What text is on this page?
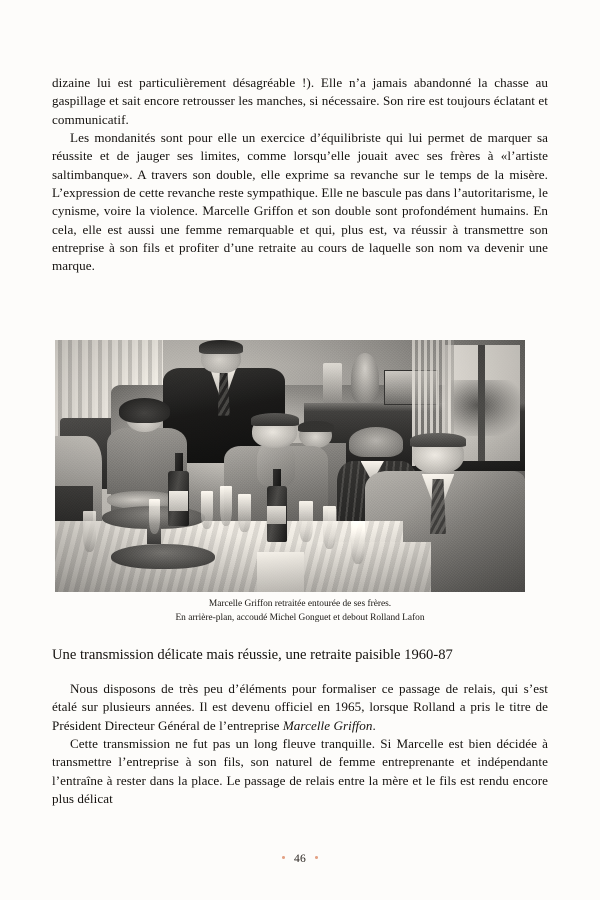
dizaine lui est particulièrement désagréable !). Elle n’a jamais abandonné la chasse au gaspillage et sait encore retrousser les manches, si nécessaire. Son rire est toujours éclatant et communicatif.

Les mondanités sont pour elle un exercice d’équilibriste qui lui permet de marquer sa réussite et de jauger ses limites, comme lorsqu’elle jouait avec ses frères à «l’artiste saltimbanque». A travers son double, elle exprime sa revanche sur le temps de la misère. L’expression de cette revanche reste sympathique. Elle ne bascule pas dans l’autoritarisme, le cynisme, voire la violence. Marcelle Griffon et son double sont profondément humains. En cela, elle est aussi une femme remarquable et qui, plus est, va réussir à transmettre son entreprise à son fils et profiter d’une retraite au cours de laquelle son nom va devenir une marque.

Marcelle Griffon retraitée entourée de ses frères.
En arrière-plan, accoudé Michel Gonguet et debout Rolland Lafon
Une transmission délicate mais réussie, une retraite paisible 1960-87

Nous disposons de très peu d’éléments pour formaliser ce passage de relais, qui s’est étalé sur plusieurs années. Il est devenu officiel en 1965, lorsque Rolland a pris le titre de Président Directeur Général de l’entreprise Marcelle Griffon.

Cette transmission ne fut pas un long fleuve tranquille. Si Marcelle est bien décidée à transmettre l’entreprise à son fils, son naturel de femme entreprenante et indépendante l’entraîne à rester dans la place. Le passage de relais entre la mère et le fils est rendu encore plus délicat

46
